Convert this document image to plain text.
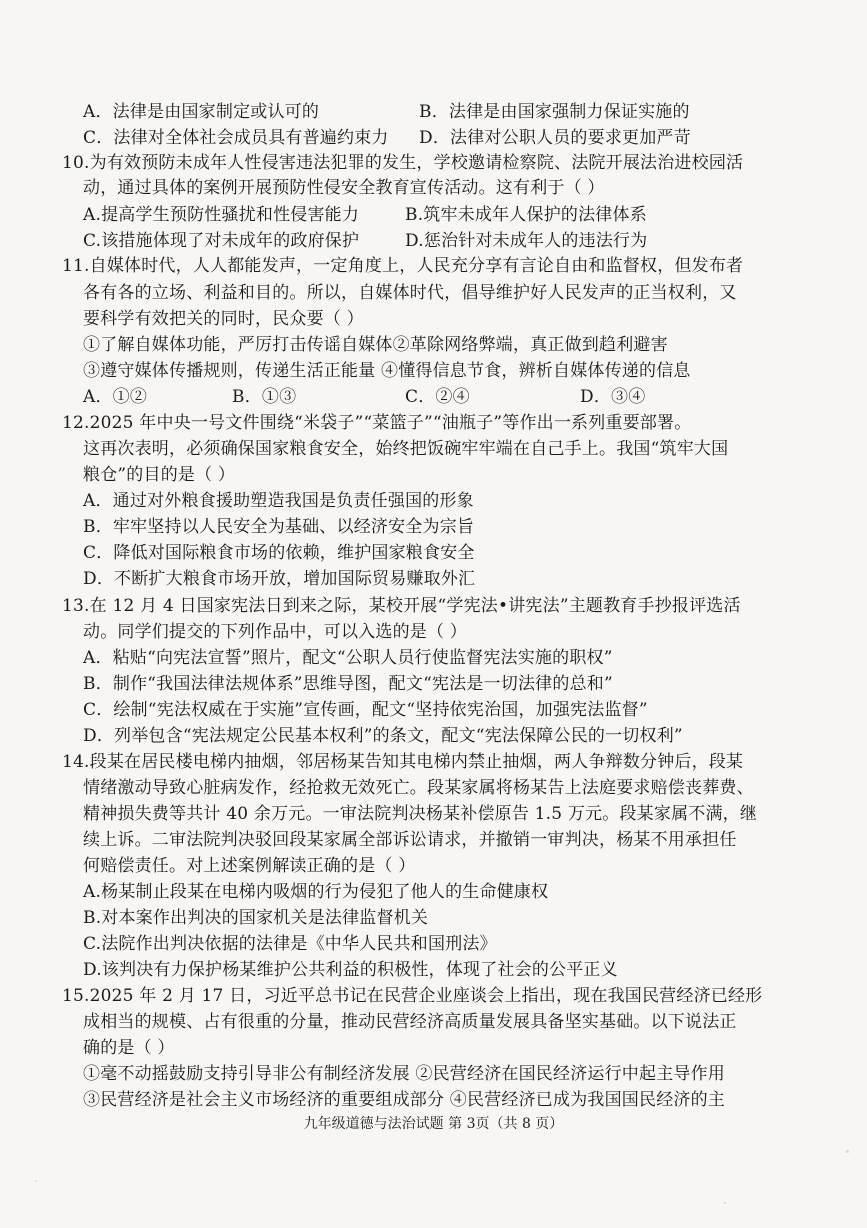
A．法律是由国家制定或认可的	B．法律是由国家强制力保证实施的
C．法律对全体社会成员具有普遍约束力 D．法律对公职人员的要求更加严苛
10.为有效预防未成年人性侵害违法犯罪的发生，学校邀请检察院、法院开展法治进校园活
动，通过具体的案例开展预防性侵安全教育宣传活动。这有利于（ ）
A.提高学生预防性骚扰和性侵害能力	B.筑牢未成年人保护的法律体系
C.该措施体现了对未成年的政府保护	D.惩治针对未成年人的违法行为
11.自媒体时代，人人都能发声，一定角度上，人民充分享有言论自由和监督权，但发布者
各有各的立场、利益和目的。所以，自媒体时代，倡导维护好人民发声的正当权利，又
要科学有效把关的同时，民众要（ ）
①了解自媒体功能，严厉打击传谣自媒体②革除网络弊端，真正做到趋利避害
③遵守媒体传播规则，传递生活正能量 ④懂得信息节食，辨析自媒体传递的信息
A．①②	B．①③	C．②④	D．③④
12.2025 年中央一号文件围绕“米袋子”“菜篮子”“油瓶子”等作出一系列重要部署。
这再次表明，必须确保国家粮食安全，始终把饭碗牢牢端在自己手上。我国“筑牢大国
粮仓”的目的是（ ）
A．通过对外粮食援助塑造我国是负责任强国的形象
B．牢牢坚持以人民安全为基础、以经济安全为宗旨
C．降低对国际粮食市场的依赖，维护国家粮食安全
D．不断扩大粮食市场开放，增加国际贸易赚取外汇
13.在 12 月 4 日国家宪法日到来之际，某校开展“学宪法•讲宪法”主题教育手抄报评选活
动。同学们提交的下列作品中，可以入选的是（ ）
A．粘贴“向宪法宣誓”照片，配文“公职人员行使监督宪法实施的职权”
B．制作“我国法律法规体系”思维导图，配文“宪法是一切法律的总和”
C．绘制“宪法权威在于实施”宣传画，配文“坚持依宪治国，加强宪法监督”
D．列举包含“宪法规定公民基本权利”的条文，配文“宪法保障公民的一切权利”
14.段某在居民楼电梯内抽烟，邻居杨某告知其电梯内禁止抽烟，两人争辩数分钟后，段某
情绪激动导致心脏病发作，经抢救无效死亡。段某家属将杨某告上法庭要求赔偿丧葬费、
精神损失费等共计 40 余万元。一审法院判决杨某补偿原告 1.5 万元。段某家属不满，继
续上诉。二审法院判决驳回段某家属全部诉讼请求，并撤销一审判决，杨某不用承担任
何赔偿责任。对上述案例解读正确的是（ ）
A.杨某制止段某在电梯内吸烟的行为侵犯了他人的生命健康权
B.对本案作出判决的国家机关是法律监督机关
C.法院作出判决依据的法律是《中华人民共和国刑法》
D.该判决有力保护杨某维护公共利益的积极性，体现了社会的公平正义
15.2025 年 2 月 17 日，习近平总书记在民营企业座谈会上指出，现在我国民营经济已经形
成相当的规模、占有很重的分量，推动民营经济高质量发展具备坚实基础。以下说法正
确的是（ ）
①毫不动摇鼓励支持引导非公有制经济发展 ②民营经济在国民经济运行中起主导作用
③民营经济是社会主义市场经济的重要组成部分 ④民营经济已成为我国国民经济的主
九年级道德与法治试题 第 3页（共 8 页）
